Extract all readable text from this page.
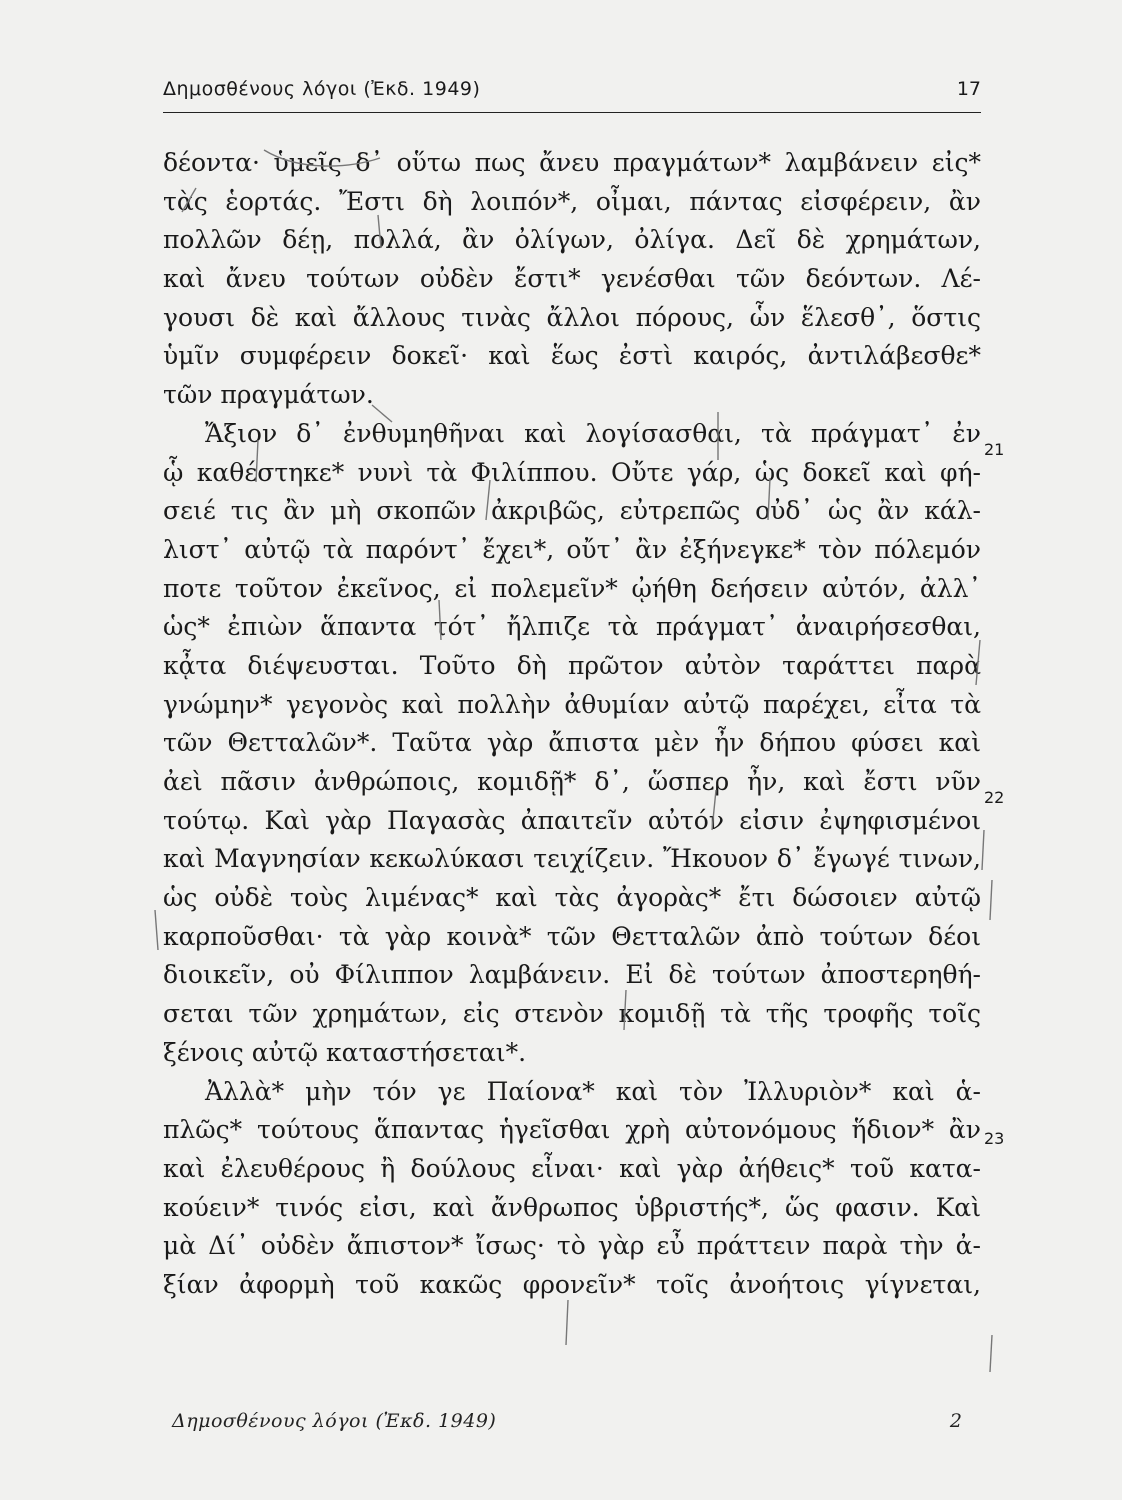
Δημοσθένους λόγοι (Ἐκδ. 1949)	17
δέοντα· ὑμεῖς δ᾿ οὕτω πως ἄνευ πραγμάτων* λαμβάνειν εἰς*
τὰς ἑορτάς. Ἔστι δὴ λοιπόν*, οἶμαι, πάντας εἰσφέρειν, ἂν
πολλῶν δέῃ, πολλά, ἂν ὀλίγων, ὀλίγα. Δεῖ δὲ χρημάτων,
καὶ ἄνευ τούτων οὐδὲν ἔστι* γενέσθαι τῶν δεόντων. Λέ-
γουσι δὲ καὶ ἄλλους τινὰς ἄλλοι πόρους, ὧν ἕλεσθ᾿, ὅστις
ὑμῖν συμφέρειν δοκεῖ· καὶ ἕως ἐστὶ καιρός, ἀντιλάβεσθε*
τῶν πραγμάτων.
Ἄξιον δ᾿ ἐνθυμηθῆναι καὶ λογίσασθαι, τὰ πράγματ᾿ ἐν
ᾧ καθέστηκε* νυνὶ τὰ Φιλίππου. Οὔτε γάρ, ὡς δοκεῖ καὶ φή-
σειέ τις ἂν μὴ σκοπῶν ἀκριβῶς, εὐτρεπῶς οὐδ᾿ ὡς ἂν κάλ-
λιστ᾿ αὐτῷ τὰ παρόντ᾿ ἔχει*, οὔτ᾿ ἂν ἐξήνεγκε* τὸν πόλεμόν
ποτε τοῦτον ἐκεῖνος, εἰ πολεμεῖν* ᾠήθη δεήσειν αὐτόν, ἀλλ᾿
ὡς* ἐπιὼν ἅπαντα τότ᾿ ἤλπιζε τὰ πράγματ᾿ ἀναιρήσεσθαι,
κᾆτα διέψευσται. Τοῦτο δὴ πρῶτον αὐτὸν ταράττει παρὰ
γνώμην* γεγονὸς καὶ πολλὴν ἀθυμίαν αὐτῷ παρέχει, εἶτα τὰ
τῶν Θετταλῶν*. Ταῦτα γὰρ ἄπιστα μὲν ἦν δήπου φύσει καὶ
ἀεὶ πᾶσιν ἀνθρώποις, κομιδῇ* δ᾿, ὥσπερ ἦν, καὶ ἔστι νῦν
τούτῳ. Καὶ γὰρ Παγασὰς ἀπαιτεῖν αὐτόν εἰσιν ἐψηφισμένοι
καὶ Μαγνησίαν κεκωλύκασι τειχίζειν. Ἤκουον δ᾿ ἔγωγέ τινων,
ὡς οὐδὲ τοὺς λιμένας* καὶ τὰς ἀγορὰς* ἔτι δώσοιεν αὐτῷ
καρποῦσθαι· τὰ γὰρ κοινὰ* τῶν Θετταλῶν ἀπὸ τούτων δέοι
διοικεῖν, οὐ Φίλιππον λαμβάνειν. Εἰ δὲ τούτων ἀποστερηθή-
σεται τῶν χρημάτων, εἰς στενὸν κομιδῇ τὰ τῆς τροφῆς τοῖς
ξένοις αὐτῷ καταστήσεται*.
Ἀλλὰ* μὴν τόν γε Παίονα* καὶ τὸν Ἰλλυριὸν* καὶ ἁ-
πλῶς* τούτους ἅπαντας ἡγεῖσθαι χρὴ αὐτονόμους ἥδιον* ἂν
καὶ ἐλευθέρους ἢ δούλους εἶναι· καὶ γὰρ ἀήθεις* τοῦ κατα-
κούειν* τινός εἰσι, καὶ ἄνθρωπος ὑβριστής*, ὥς φασιν. Καὶ
μὰ Δί᾿ οὐδὲν ἄπιστον* ἴσως· τὸ γὰρ εὖ πράττειν παρὰ τὴν ἀ-
ξίαν ἀφορμὴ τοῦ κακῶς φρονεῖν* τοῖς ἀνοήτοις γίγνεται,
21
22
23
Δημοσθένους λόγοι (Ἐκδ. 1949)	2
